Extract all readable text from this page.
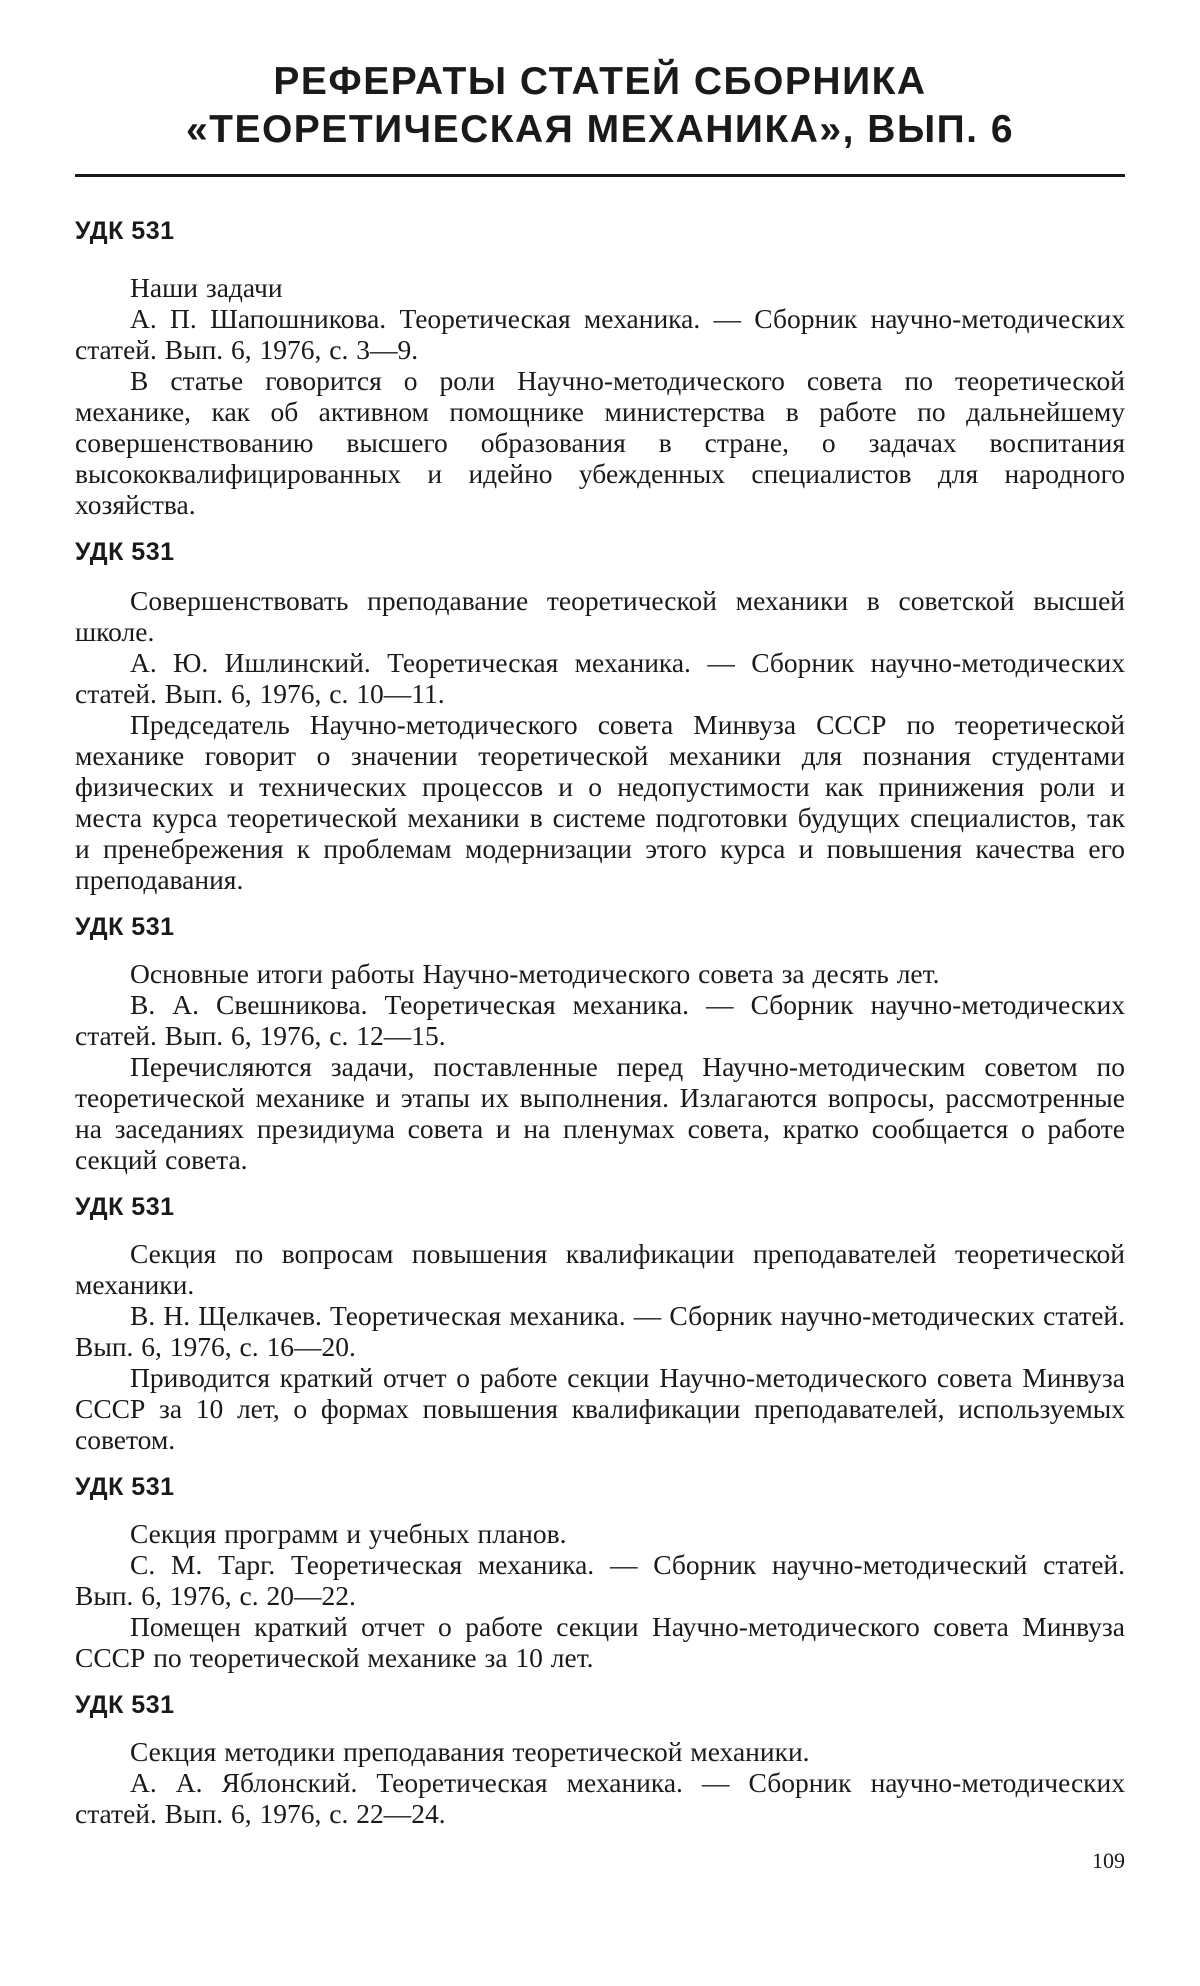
РЕФЕРАТЫ СТАТЕЙ СБОРНИКА
«ТЕОРЕТИЧЕСКАЯ МЕХАНИКА», ВЫП. 6
УДК 531

Наши задачи

А. П. Шапошникова. Теоретическая механика. — Сборник научно-методических статей. Вып. 6, 1976, с. 3—9.

В статье говорится о роли Научно-методического совета по теоретической механике, как об активном помощнике министерства в работе по дальнейшему совершенствованию высшего образования в стране, о задачах воспитания высококвалифицированных и идейно убежденных специалистов для народного хозяйства.

УДК 531

Совершенствовать преподавание теоретической механики в советской высшей школе.

А. Ю. Ишлинский. Теоретическая механика. — Сборник научно-методических статей. Вып. 6, 1976, с. 10—11.

Председатель Научно-методического совета Минвуза СССР по теоретической механике говорит о значении теоретической механики для познания студентами физических и технических процессов и о недопустимости как принижения роли и места курса теоретической механики в системе подготовки будущих специалистов, так и пренебрежения к проблемам модернизации этого курса и повышения качества его преподавания.

УДК 531

Основные итоги работы Научно-методического совета за десять лет.

В. А. Свешникова. Теоретическая механика. — Сборник научно-методических статей. Вып. 6, 1976, с. 12—15.

Перечисляются задачи, поставленные перед Научно-методическим советом по теоретической механике и этапы их выполнения. Излагаются вопросы, рассмотренные на заседаниях президиума совета и на пленумах совета, кратко сообщается о работе секций совета.

УДК 531

Секция по вопросам повышения квалификации преподавателей теоретической механики.

В. Н. Щелкачев. Теоретическая механика. — Сборник научно-методических статей. Вып. 6, 1976, с. 16—20.

Приводится краткий отчет о работе секции Научно-методического совета Минвуза СССР за 10 лет, о формах повышения квалификации преподавателей, используемых советом.

УДК 531

Секция программ и учебных планов.

С. М. Тарг. Теоретическая механика. — Сборник научно-методический статей. Вып. 6, 1976, с. 20—22.

Помещен краткий отчет о работе секции Научно-методического совета Минвуза СССР по теоретической механике за 10 лет.

УДК 531

Секция методики преподавания теоретической механики.

А. А. Яблонский. Теоретическая механика. — Сборник научно-методических статей. Вып. 6, 1976, с. 22—24.

109
